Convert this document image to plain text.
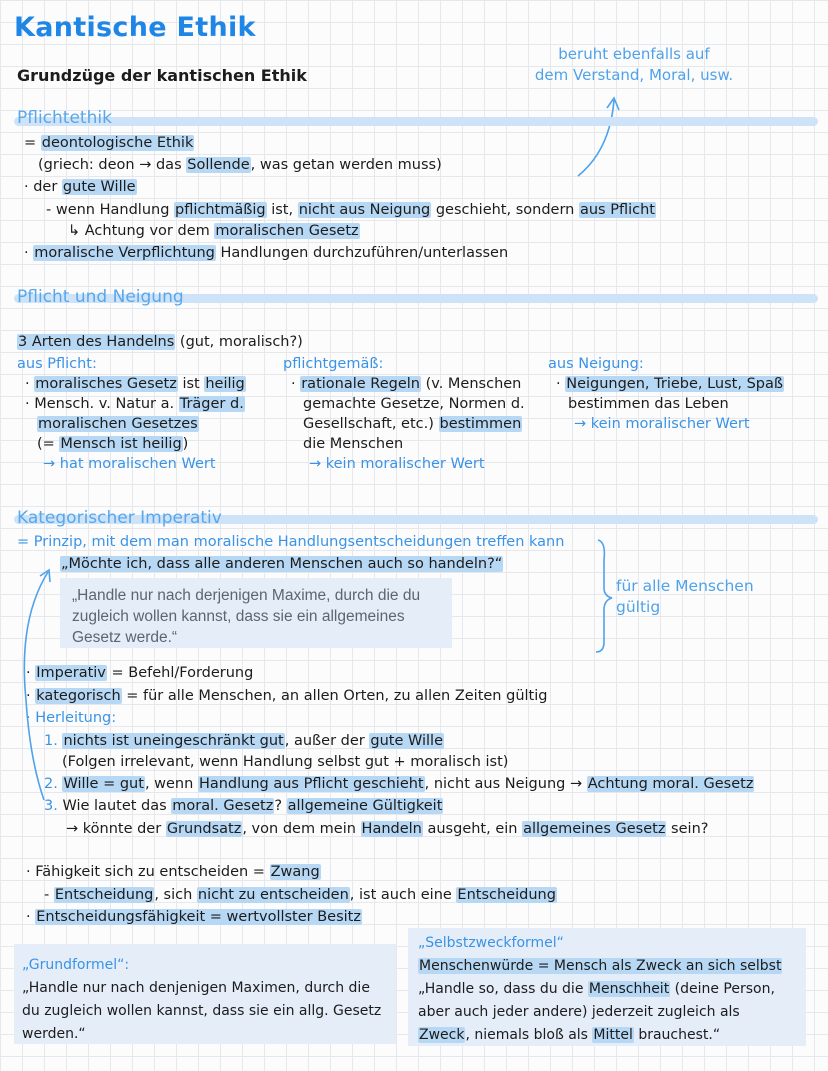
Kantische Ethik
Grundzüge der kantischen Ethik
beruht ebenfalls auf
dem Verstand, Moral, usw.
Pflichtethik
= deontologische Ethik
(griech: deon → das Sollende, was getan werden muss)
· der gute Wille
- wenn Handlung pflichtmäßig ist, nicht aus Neigung geschieht, sondern aus Pflicht
↳ Achtung vor dem moralischen Gesetz
· moralische Verpflichtung Handlungen durchzuführen/unterlassen
Pflicht und Neigung
3 Arten des Handelns (gut, moralisch?)
aus Pflicht:
· moralisches Gesetz ist heilig
· Mensch. v. Natur a. Träger d.
moralischen Gesetzes
(= Mensch ist heilig)
→ hat moralischen Wert
pflichtgemäß:
· rationale Regeln (v. Menschen
gemachte Gesetze, Normen d.
Gesellschaft, etc.) bestimmen
die Menschen
→ kein moralischer Wert
aus Neigung:
· Neigungen, Triebe, Lust, Spaß
bestimmen das Leben
→ kein moralischer Wert
Kategorischer Imperativ
= Prinzip, mit dem man moralische Handlungsentscheidungen treffen kann
„Möchte ich, dass alle anderen Menschen auch so handeln?“
„Handle nur nach derjenigen Maxime, durch die du zugleich wollen kannst, dass sie ein allgemeines Gesetz werde.“
für alle Menschen
gültig
· Imperativ = Befehl/Forderung
· kategorisch = für alle Menschen, an allen Orten, zu allen Zeiten gültig
· Herleitung:
1. nichts ist uneingeschränkt gut, außer der gute Wille
(Folgen irrelevant, wenn Handlung selbst gut + moralisch ist)
2. Wille = gut, wenn Handlung aus Pflicht geschieht, nicht aus Neigung → Achtung moral. Gesetz
3. Wie lautet das moral. Gesetz? allgemeine Gültigkeit
→ könnte der Grundsatz, von dem mein Handeln ausgeht, ein allgemeines Gesetz sein?
· Fähigkeit sich zu entscheiden = Zwang
- Entscheidung, sich nicht zu entscheiden, ist auch eine Entscheidung
· Entscheidungsfähigkeit = wertvollster Besitz
„Grundformel“:
„Handle nur nach denjenigen Maximen, durch die du zugleich wollen kannst, dass sie ein allg. Gesetz werden.“
„Selbstzweckformel“
Menschenwürde = Mensch als Zweck an sich selbst
„Handle so, dass du die Menschheit (deine Person, aber auch jeder andere) jederzeit zugleich als Zweck, niemals bloß als Mittel brauchest.“
